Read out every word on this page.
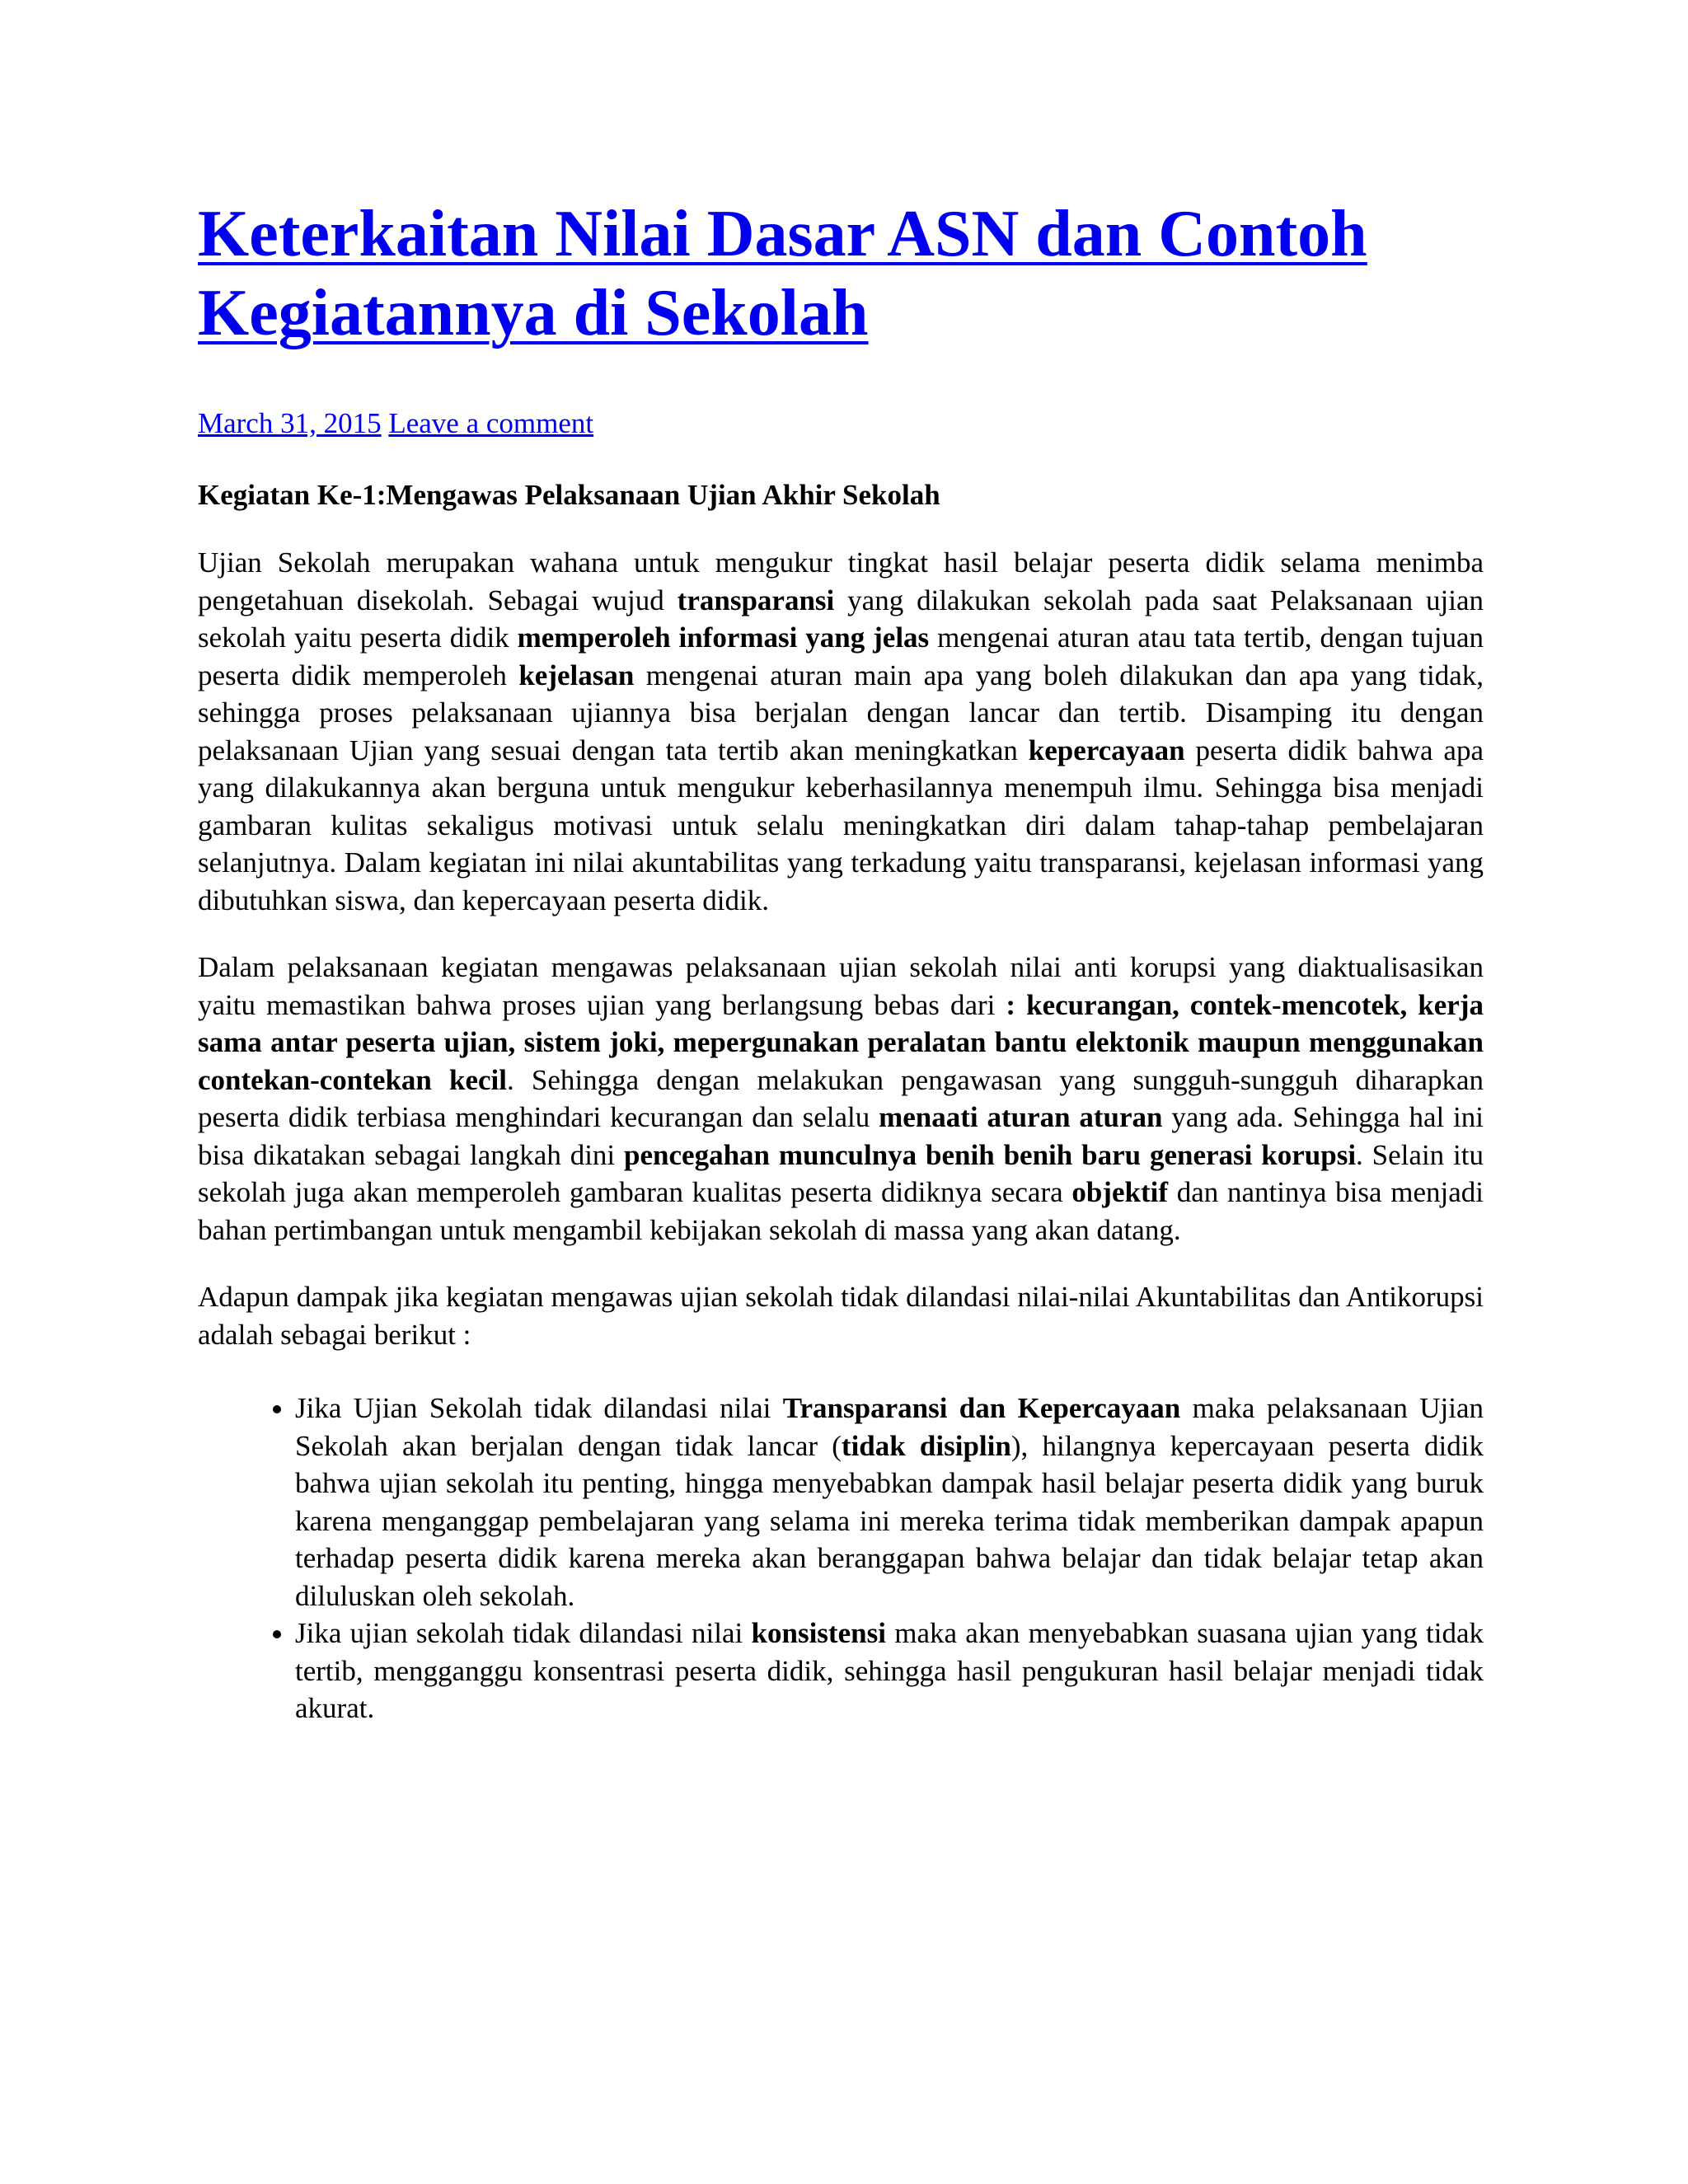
Keterkaitan Nilai Dasar ASN dan Contoh Kegiatannya di Sekolah
March 31, 2015 Leave a comment
Kegiatan Ke-1:Mengawas Pelaksanaan Ujian Akhir Sekolah
Ujian Sekolah merupakan wahana untuk mengukur tingkat hasil belajar peserta didik selama menimba pengetahuan disekolah. Sebagai wujud transparansi yang dilakukan sekolah pada saat Pelaksanaan ujian sekolah yaitu peserta didik memperoleh informasi yang jelas mengenai aturan atau tata tertib, dengan tujuan peserta didik memperoleh kejelasan mengenai aturan main apa yang boleh dilakukan dan apa yang tidak, sehingga proses pelaksanaan ujiannya bisa berjalan dengan lancar dan tertib. Disamping itu dengan pelaksanaan Ujian yang sesuai dengan tata tertib akan meningkatkan kepercayaan peserta didik bahwa apa yang dilakukannya akan berguna untuk mengukur keberhasilannya menempuh ilmu. Sehingga bisa menjadi gambaran kulitas sekaligus motivasi untuk selalu meningkatkan diri dalam tahap-tahap pembelajaran selanjutnya. Dalam kegiatan ini nilai akuntabilitas yang terkadung yaitu transparansi, kejelasan informasi yang dibutuhkan siswa, dan kepercayaan peserta didik.
Dalam pelaksanaan kegiatan mengawas pelaksanaan ujian sekolah nilai anti korupsi yang diaktualisasikan yaitu memastikan bahwa proses ujian yang berlangsung bebas dari : kecurangan, contek-mencotek, kerja sama antar peserta ujian, sistem joki, mepergunakan peralatan bantu elektonik maupun menggunakan contekan-contekan kecil. Sehingga dengan melakukan pengawasan yang sungguh-sungguh diharapkan peserta didik terbiasa menghindari kecurangan dan selalu menaati aturan aturan yang ada. Sehingga hal ini bisa dikatakan sebagai langkah dini pencegahan munculnya benih benih baru generasi korupsi. Selain itu sekolah juga akan memperoleh gambaran kualitas peserta didiknya secara objektif dan nantinya bisa menjadi bahan pertimbangan untuk mengambil kebijakan sekolah di massa yang akan datang.
Adapun dampak jika kegiatan mengawas ujian sekolah tidak dilandasi nilai-nilai Akuntabilitas dan Antikorupsi adalah sebagai berikut :
• Jika Ujian Sekolah tidak dilandasi nilai Transparansi dan Kepercayaan maka pelaksanaan Ujian Sekolah akan berjalan dengan tidak lancar (tidak disiplin), hilangnya kepercayaan peserta didik bahwa ujian sekolah itu penting, hingga menyebabkan dampak hasil belajar peserta didik yang buruk karena menganggap pembelajaran yang selama ini mereka terima tidak memberikan dampak apapun terhadap peserta didik karena mereka akan beranggapan bahwa belajar dan tidak belajar tetap akan diluluskan oleh sekolah.
• Jika ujian sekolah tidak dilandasi nilai konsistensi maka akan menyebabkan suasana ujian yang tidak tertib, mengganggu konsentrasi peserta didik, sehingga hasil pengukuran hasil belajar menjadi tidak akurat.
